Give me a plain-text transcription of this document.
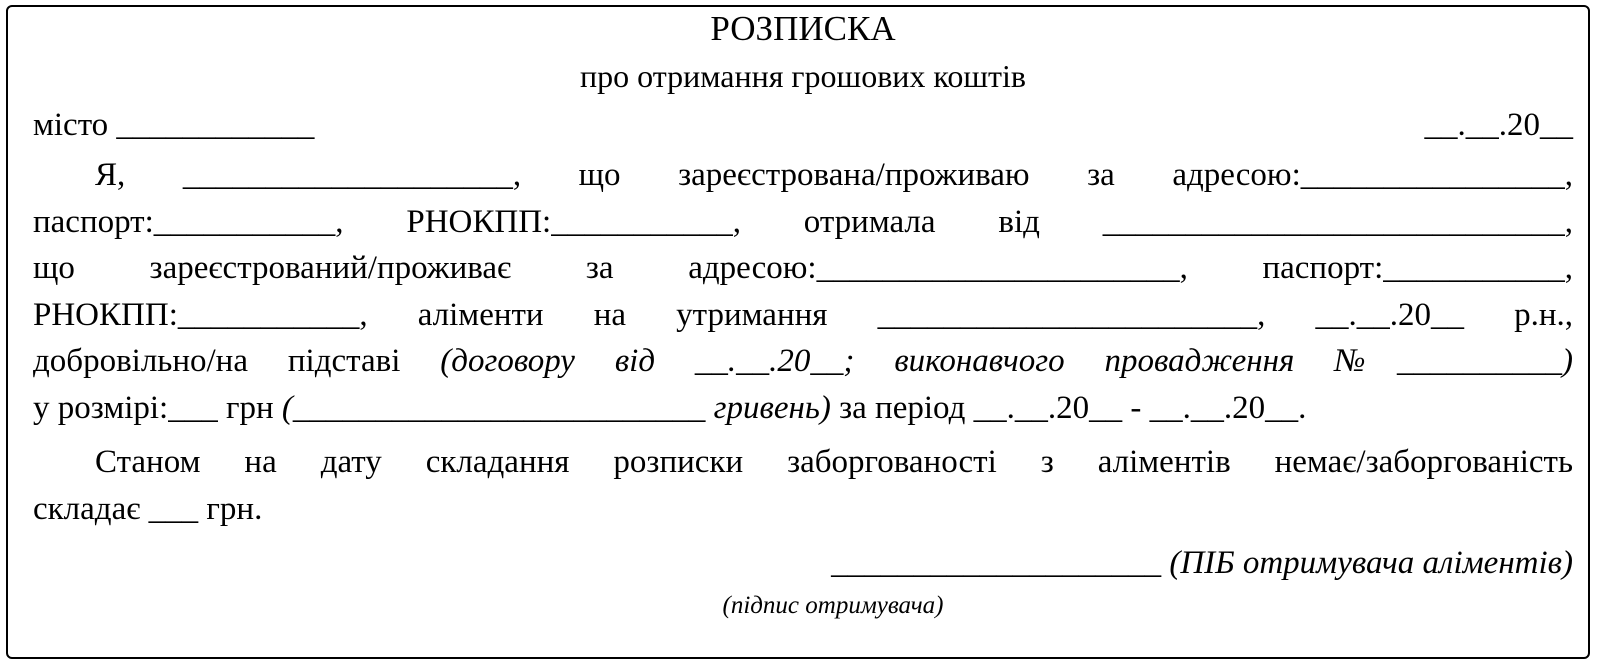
РОЗПИСКА
про отримання грошових коштів
місто ____________	__.__.20__
Я, ____________________, що зареєстрована/проживаю за адресою:________________,
паспорт:___________, РНОКПП:___________, отримала від ____________________________,
що зареєстрований/проживає за адресою:______________________, паспорт:___________,
РНОКПП:___________, аліменти на утримання _______________________, __.__.20__ р.н.,
добровільно/на підставі (договору від __.__.20__; виконавчого провадження №__________)
у розмірі:___ грн (_________________________ гривень) за період __.__.20__ - __.__.20__.
Станом на дату складання розписки заборгованості з аліментів немає/заборгованість
складає ___ грн.
____________________ (ПІБ отримувача аліментів)
(підпис отримувача)
